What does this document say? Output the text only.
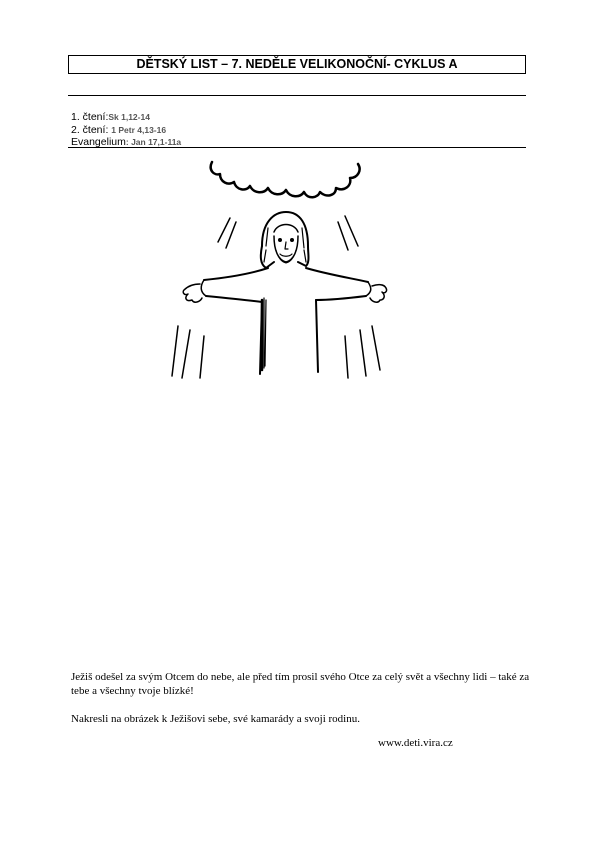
DĚTSKÝ LIST – 7. NEDĚLE VELIKONOČNÍ- CYKLUS A
1. čtení:Sk 1,12-14
2. čtení: 1 Petr 4,13-16
Evangelium: Jan 17,1-11a

Ježiš odešel za svým Otcem do nebe, ale před tím prosil svého Otce za celý svět a všechny lidi – také za tebe a všechny tvoje blízké!

Nakresli na obrázek k Ježišovi sebe, své kamarády a svoji rodinu.

www.deti.vira.cz
